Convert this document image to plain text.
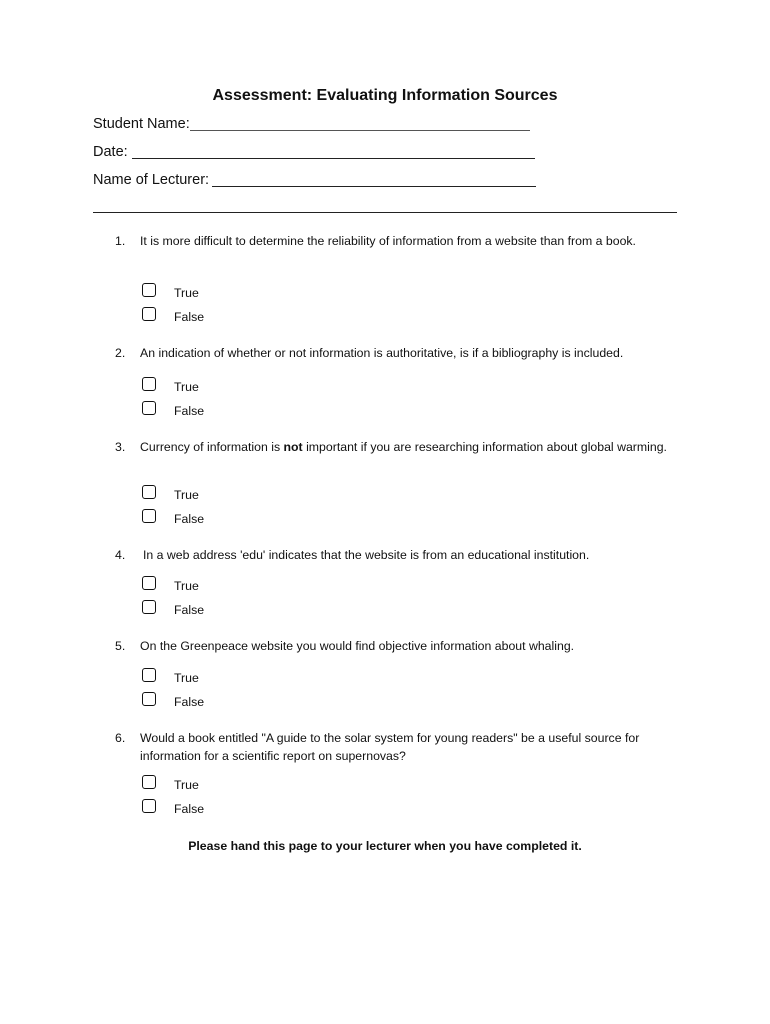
Assessment: Evaluating Information Sources
Student Name:
Date:
Name of Lecturer:
1. It is more difficult to determine the reliability of information from a website than from a book.
True
False
2. An indication of whether or not information is authoritative, is if a bibliography is included.
True
False
3. Currency of information is not important if you are researching information about global warming.
True
False
4. In a web address 'edu' indicates that the website is from an educational institution.
True
False
5. On the Greenpeace website you would find objective information about whaling.
True
False
6. Would a book entitled "A guide to the solar system for young readers" be a useful source for information for a scientific report on supernovas?
True
False
Please hand this page to your lecturer when you have completed it.
